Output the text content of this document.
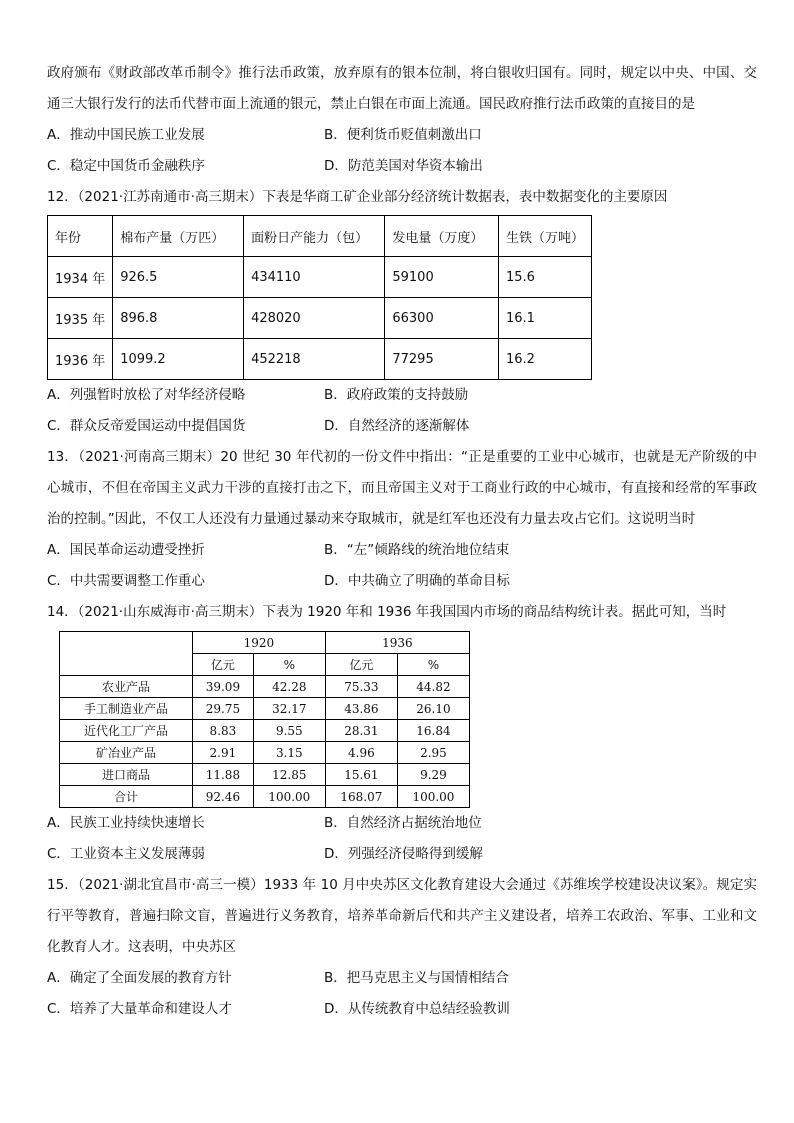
政府颁布《财政部改革币制令》推行法币政策，放弃原有的银本位制，将白银收归国有。同时，规定以中央、中国、交通三大银行发行的法币代替市面上流通的银元，禁止白银在市面上流通。国民政府推行法币政策的直接目的是

A．推动中国民族工业发展	B．便利货币贬值刺激出口
C．稳定中国货币金融秩序	D．防范美国对华资本输出
12．（2021·江苏南通市·高三期末）下表是华商工矿企业部分经济统计数据表，表中数据变化的主要原因
年份	棉布产量（万匹）	面粉日产能力（包）	发电量（万度）	生铁（万吨）
1934 年	926.5	434110	59100	15.6
1935 年	896.8	428020	66300	16.1
1936 年	1099.2	452218	77295	16.2
A．列强暂时放松了对华经济侵略	B．政府政策的支持鼓励
C．群众反帝爱国运动中提倡国货	D．自然经济的逐渐解体

13．（2021·河南高三期末）20 世纪 30 年代初的一份文件中指出：“正是重要的工业中心城市，也就是无产阶级的中心城市，不但在帝国主义武力干涉的直接打击之下，而且帝国主义对于工商业行政的中心城市，有直接和经常的军事政治的控制。”因此，不仅工人还没有力量通过暴动来夺取城市，就是红军也还没有力量去攻占它们。这说明当时

A．国民革命运动遭受挫折	B．“左”倾路线的统治地位结束
C．中共需要调整工作重心	D．中共确立了明确的革命目标
14．（2021·山东威海市·高三期末）下表为 1920 年和 1936 年我国国内市场的商品结构统计表。据此可知，当时
	1920		1936	
	亿元	%	亿元	%
农业产品	39.09	42.28	75.33	44.82
手工制造业产品	29.75	32.17	43.86	26.10
近代化工厂产品	8.83	9.55	28.31	16.84
矿冶业产品	2.91	3.15	4.96	2.95
进口商品	11.88	12.85	15.61	9.29
合计	92.46	100.00	168.07	100.00
A．民族工业持续快速增长	B．自然经济占据统治地位
C．工业资本主义发展薄弱	D．列强经济侵略得到缓解

15．（2021·湖北宜昌市·高三一模）1933 年 10 月中央苏区文化教育建设大会通过《苏维埃学校建设决议案》。规定实行平等教育，普遍扫除文盲，普遍进行义务教育，培养革命新后代和共产主义建设者，培养工农政治、军事、工业和文化教育人才。这表明，中央苏区

A．确定了全面发展的教育方针	B．把马克思主义与国情相结合
C．培养了大量革命和建设人才	D．从传统教育中总结经验教训
